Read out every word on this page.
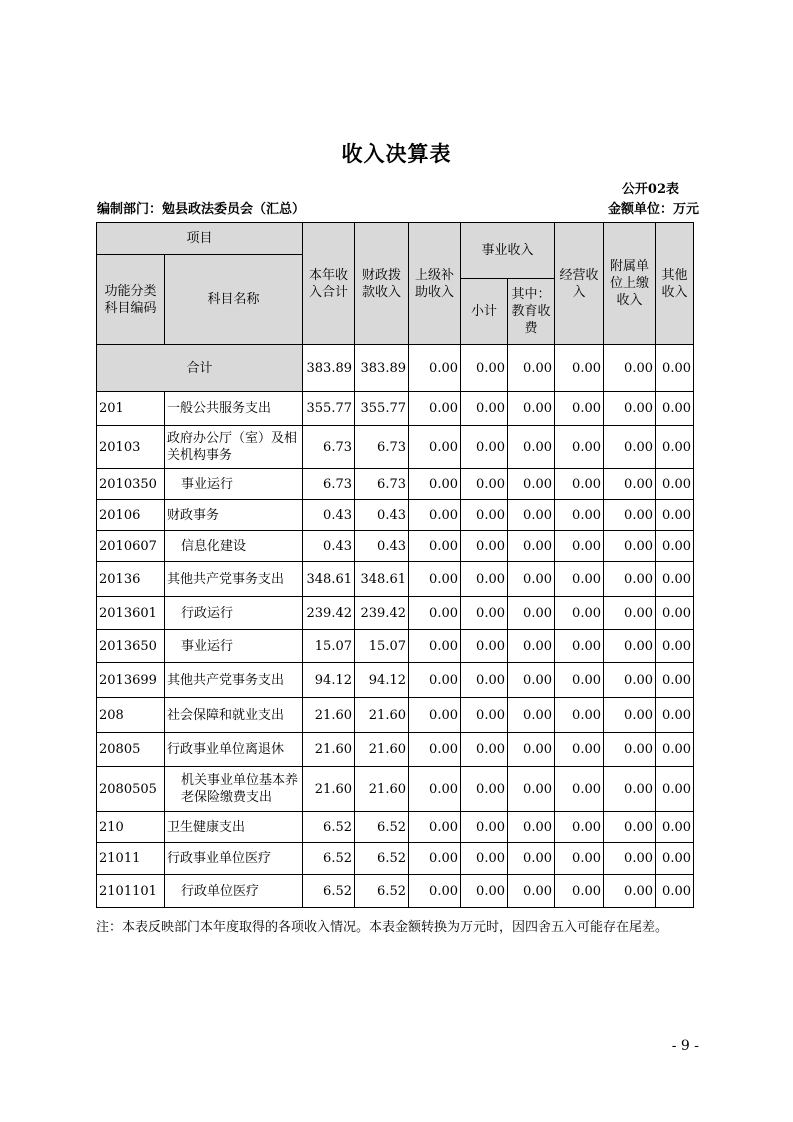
收入决算表
公开02表
编制部门：勉县政法委员会（汇总）	金额单位：万元
项目		本年收入合计	财政拨款收入	上级补助收入	事业收入		经营收入	附属单位上缴收入	其他收入
功能分类科目编码	科目名称								
					小计	其中：教育收费			
合计		383.89	383.89	0.00	0.00	0.00	0.00	0.00	0.00
201	一般公共服务支出	355.77	355.77	0.00	0.00	0.00	0.00	0.00	0.00
20103	政府办公厅（室）及相关机构事务	6.73	6.73	0.00	0.00	0.00	0.00	0.00	0.00
2010350	事业运行	6.73	6.73	0.00	0.00	0.00	0.00	0.00	0.00
20106	财政事务	0.43	0.43	0.00	0.00	0.00	0.00	0.00	0.00
2010607	信息化建设	0.43	0.43	0.00	0.00	0.00	0.00	0.00	0.00
20136	其他共产党事务支出	348.61	348.61	0.00	0.00	0.00	0.00	0.00	0.00
2013601	行政运行	239.42	239.42	0.00	0.00	0.00	0.00	0.00	0.00
2013650	事业运行	15.07	15.07	0.00	0.00	0.00	0.00	0.00	0.00
2013699	其他共产党事务支出	94.12	94.12	0.00	0.00	0.00	0.00	0.00	0.00
208	社会保障和就业支出	21.60	21.60	0.00	0.00	0.00	0.00	0.00	0.00
20805	行政事业单位离退休	21.60	21.60	0.00	0.00	0.00	0.00	0.00	0.00
2080505	机关事业单位基本养老保险缴费支出	21.60	21.60	0.00	0.00	0.00	0.00	0.00	0.00
210	卫生健康支出	6.52	6.52	0.00	0.00	0.00	0.00	0.00	0.00
21011	行政事业单位医疗	6.52	6.52	0.00	0.00	0.00	0.00	0.00	0.00
2101101	行政单位医疗	6.52	6.52	0.00	0.00	0.00	0.00	0.00	0.00
注：本表反映部门本年度取得的各项收入情况。本表金额转换为万元时，因四舍五入可能存在尾差。
- 9 -
